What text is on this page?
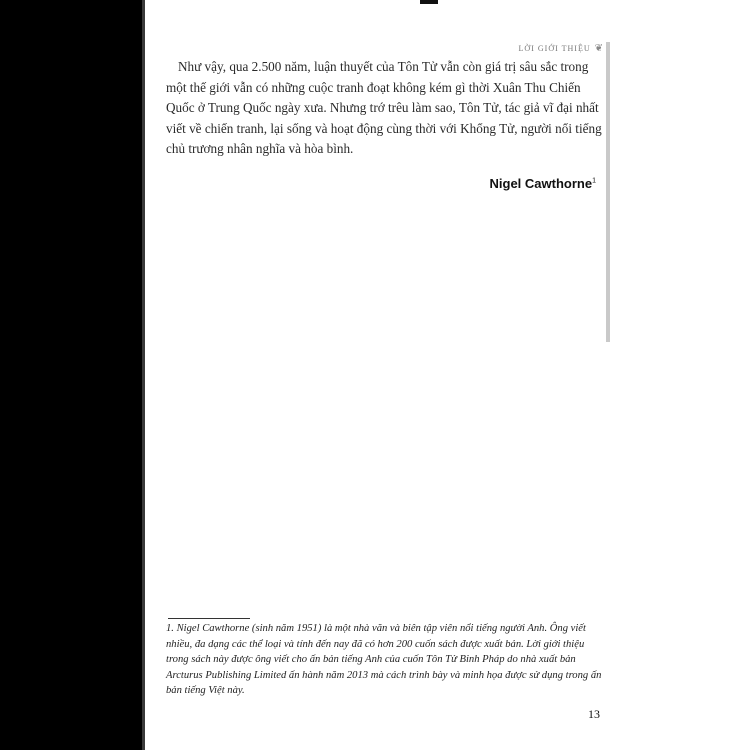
LỜI GIỚI THIỆU ❦

Như vậy, qua 2.500 năm, luận thuyết của Tôn Tử vẫn còn giá trị sâu sắc trong một thế giới vẫn có những cuộc tranh đoạt không kém gì thời Xuân Thu Chiến Quốc ở Trung Quốc ngày xưa. Nhưng trớ trêu làm sao, Tôn Tử, tác giả vĩ đại nhất viết về chiến tranh, lại sống và hoạt động cùng thời với Khổng Tử, người nổi tiếng chủ trương nhân nghĩa và hòa bình.

Nigel Cawthorne$^1$

1. Nigel Cawthorne (sinh năm 1951) là một nhà văn và biên tập viên nổi tiếng người Anh. Ông viết nhiều, đa dạng các thể loại và tính đến nay đã có hơn 200 cuốn sách được xuất bản. Lời giới thiệu trong sách này được ông viết cho ấn bản tiếng Anh của cuốn Tôn Tử Binh Pháp do nhà xuất bản Arcturus Publishing Limited ấn hành năm 2013 mà cách trình bày và minh họa được sử dụng trong ấn bản tiếng Việt này.

13
